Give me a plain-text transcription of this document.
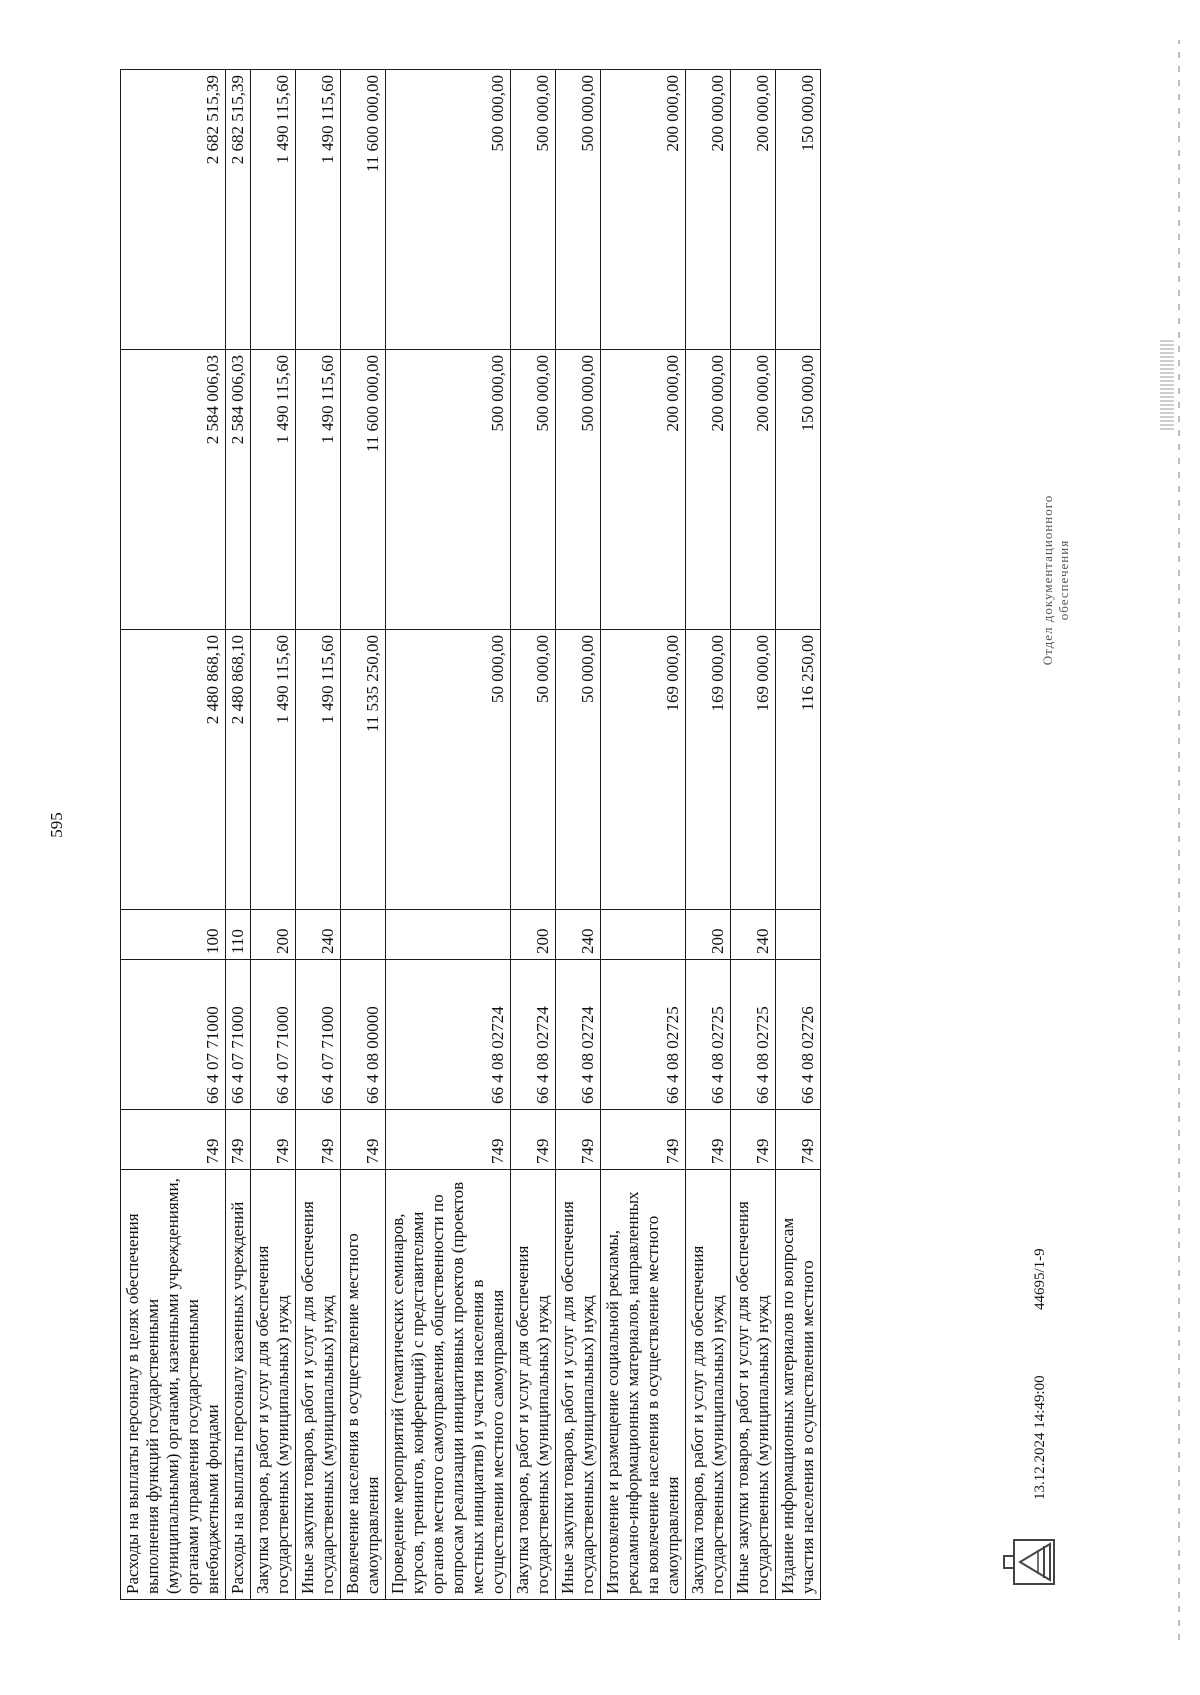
595
Расходы на выплаты персоналу в целях обеспечения выполнения функций государственными (муниципальными) органами, казенными учреждениями, органами управления государственными внебюджетными фондами	749	66 4 07 71000	100	2 480 868,10	2 584 006,03	2 682 515,39
Расходы на выплаты персоналу казенных учреждений	749	66 4 07 71000	110	2 480 868,10	2 584 006,03	2 682 515,39
Закупка товаров, работ и услуг для обеспечения государственных (муниципальных) нужд	749	66 4 07 71000	200	1 490 115,60	1 490 115,60	1 490 115,60
Иные закупки товаров, работ и услуг для обеспечения государственных (муниципальных) нужд	749	66 4 07 71000	240	1 490 115,60	1 490 115,60	1 490 115,60
Вовлечение населения в осуществление местного самоуправления	749	66 4 08 00000		11 535 250,00	11 600 000,00	11 600 000,00
Проведение мероприятий (тематических семинаров, курсов, тренингов, конференций) с представителями органов местного самоуправления, общественности по вопросам реализации инициативных проектов (проектов местных инициатив) и участия населения в осуществлении местного самоуправления	749	66 4 08 02724		50 000,00	500 000,00	500 000,00
Закупка товаров, работ и услуг для обеспечения государственных (муниципальных) нужд	749	66 4 08 02724	200	50 000,00	500 000,00	500 000,00
Иные закупки товаров, работ и услуг для обеспечения государственных (муниципальных) нужд	749	66 4 08 02724	240	50 000,00	500 000,00	500 000,00
Изготовление и размещение социальной рекламы, рекламно-информационных материалов, направленных на вовлечение населения в осуществление местного самоуправления	749	66 4 08 02725		169 000,00	200 000,00	200 000,00
Закупка товаров, работ и услуг для обеспечения государственных (муниципальных) нужд	749	66 4 08 02725	200	169 000,00	200 000,00	200 000,00
Иные закупки товаров, работ и услуг для обеспечения государственных (муниципальных) нужд	749	66 4 08 02725	240	169 000,00	200 000,00	200 000,00
Издание информационных материалов по вопросам участия населения в осуществлении местного	749	66 4 08 02726		116 250,00	150 000,00	150 000,00
13.12.2024 14:49:00
44695/1-9
Отдел документационного обеспечения
